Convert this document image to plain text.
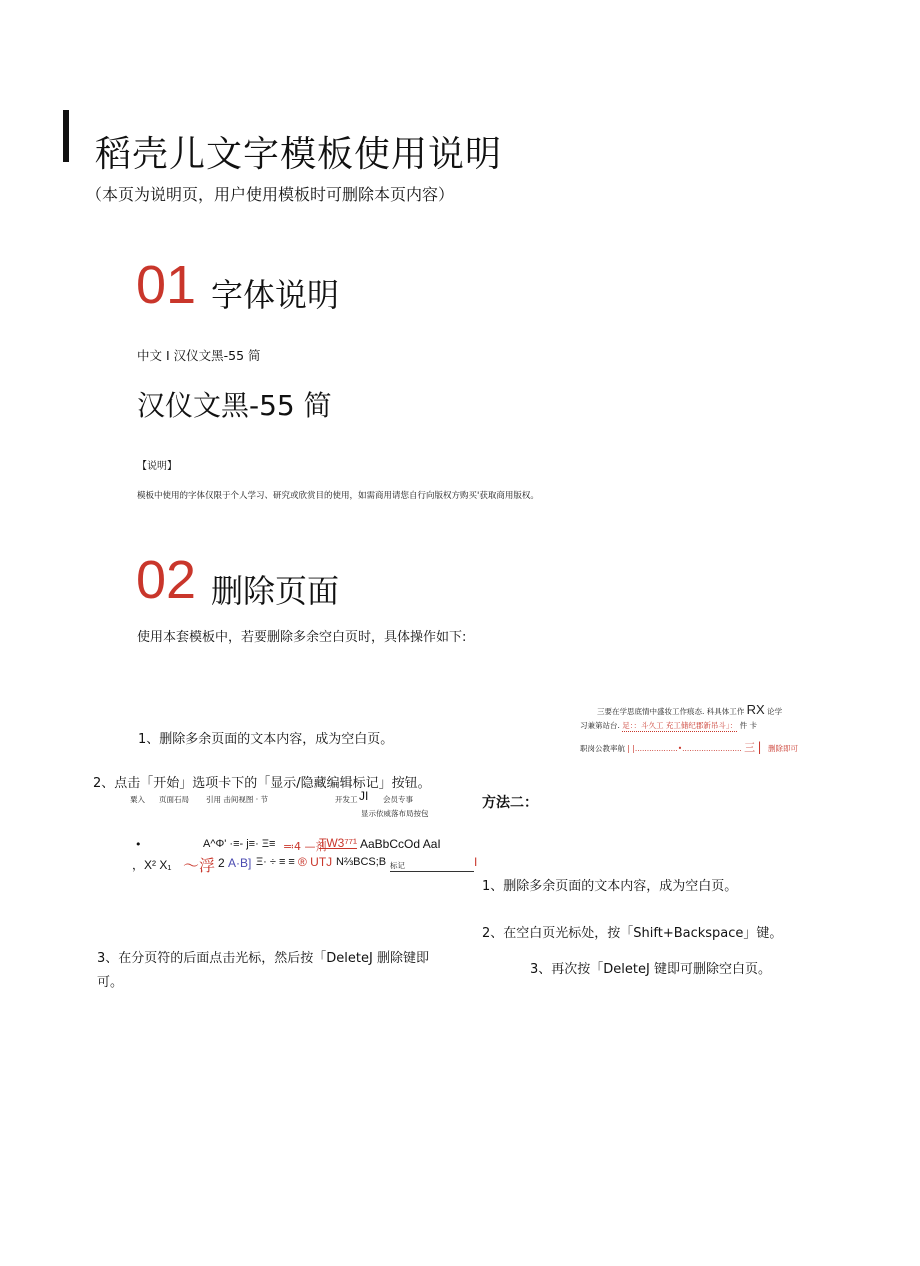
稻壳儿文字模板使用说明
（本页为说明页，用户使用模板时可删除本页内容）
01 字体说明
中文 I 汉仪文黑-55 简
汉仪文黑-55 简
【说明】
模板中使用的字体仅限于个人学习、研究或欣赏目的使用，如需商用请您自行向版权方购买'获取商用版权。
02 删除页面
使用本套模板中，若要删除多余空白页时，具体操作如下:
三要在学思底情中盛妆工作痕态. 科具体工作 RX 论学
习兼第站台. 足：：斗久工 充工储纪郡新吊斗」： 件 卡
职岗公教率航 | |..................•......................... 三 | 删除即可
1、删除多余页面的文本内容，成为空白页。
2、点击「开始」选项卡下的「显示/隐藏编辑标记」按钮。
粟入 页面石局 引用 击间视图 · 节	开发工 JI 会员专事
显示依威落布局按包
•	A^Φ' ·≡- j≡· Ξ≡ ≕4 —剂
TW3⁷⁷¹ AaBbCcOd AaI
，X² X₁ ～浮 2 A·B] Ξ· ÷ ≡ ≡ ® UTJ N⅔BCS;B 标记	I
3、在分页符的后面点击光标，然后按「DeleteJ 删除键即可。
方法二：
1、删除多余页面的文本内容，成为空白页。
2、在空白页光标处，按「Shift+Backspace」键。
3、再次按「DeleteJ 键即可删除空白页。
